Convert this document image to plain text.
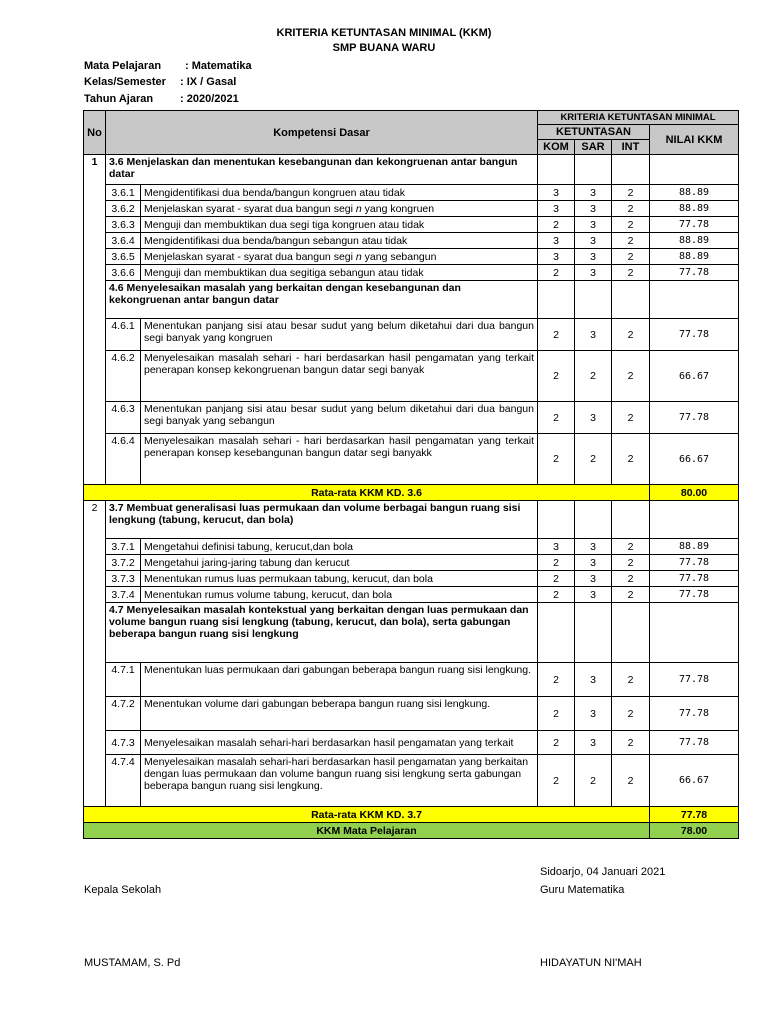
KRITERIA KETUNTASAN MINIMAL (KKM)
SMP BUANA WARU
Mata Pelajaran : Matematika
Kelas/Semester : IX / Gasal
Tahun Ajaran : 2020/2021
No	Kompetensi Dasar		KRITERIA KETUNTASAN MINIMAL			
			KETUNTASAN			NILAI KKM
			KOM	SAR	INT	
1	3.6 Menjelaskan dan menentukan kesebangunan dan kekongruenan antar bangun datar					
	3.6.1	Mengidentifikasi dua benda/bangun kongruen atau tidak	3	3	2	88.89
	3.6.2	Menjelaskan syarat - syarat dua bangun segi n yang kongruen	3	3	2	88.89
	3.6.3	Menguji dan membuktikan dua segi tiga kongruen atau tidak	2	3	2	77.78
	3.6.4	Mengidentifikasi dua benda/bangun sebangun atau tidak	3	3	2	88.89
	3.6.5	Menjelaskan syarat - syarat dua bangun segi n yang sebangun	3	3	2	88.89
	3.6.6	Menguji dan membuktikan dua segitiga sebangun atau tidak	2	3	2	77.78
	4.6 Menyelesaikan masalah yang berkaitan dengan kesebangunan dan kekongruenan antar bangun datar					
	4.6.1	Menentukan panjang sisi atau besar sudut yang belum diketahui dari dua bangun segi banyak yang kongruen	2	3	2	77.78
	4.6.2	Menyelesaikan masalah sehari - hari berdasarkan hasil pengamatan yang terkait penerapan konsep kekongruenan bangun datar segi banyak	2	2	2	66.67
	4.6.3	Menentukan panjang sisi atau besar sudut yang belum diketahui dari dua bangun segi banyak yang sebangun	2	3	2	77.78
	4.6.4	Menyelesaikan masalah sehari - hari berdasarkan hasil pengamatan yang terkait penerapan konsep kesebangunan bangun datar segi banyakk	2	2	2	66.67
Rata-rata KKM KD. 3.6						80.00
2	3.7 Membuat generalisasi luas permukaan dan volume berbagai bangun ruang sisi lengkung (tabung, kerucut, dan bola)					
	3.7.1	Mengetahui definisi tabung, kerucut,dan bola	3	3	2	88.89
	3.7.2	Mengetahui jaring-jaring tabung dan kerucut	2	3	2	77.78
	3.7.3	Menentukan rumus luas permukaan tabung, kerucut, dan bola	2	3	2	77.78
	3.7.4	Menentukan rumus volume tabung, kerucut, dan bola	2	3	2	77.78
	4.7 Menyelesaikan masalah kontekstual yang berkaitan dengan luas permukaan dan volume bangun ruang sisi lengkung (tabung, kerucut, dan bola), serta gabungan beberapa bangun ruang sisi lengkung					
	4.7.1	Menentukan luas permukaan dari gabungan beberapa bangun ruang sisi lengkung.	2	3	2	77.78
	4.7.2	Menentukan volume dari gabungan beberapa bangun ruang sisi lengkung.	2	3	2	77.78
	4.7.3	Menyelesaikan masalah sehari-hari berdasarkan hasil pengamatan yang terkait	2	3	2	77.78
	4.7.4	Menyelesaikan masalah sehari-hari berdasarkan hasil pengamatan yang berkaitan dengan luas permukaan dan volume bangun ruang sisi lengkung serta gabungan beberapa bangun ruang sisi lengkung.	2	2	2	66.67
Rata-rata KKM KD. 3.7						77.78
KKM Mata Pelajaran						78.00
Sidoarjo, 04 Januari 2021
Kepala Sekolah	Guru Matematika
MUSTAMAM, S. Pd	HIDAYATUN NI'MAH
